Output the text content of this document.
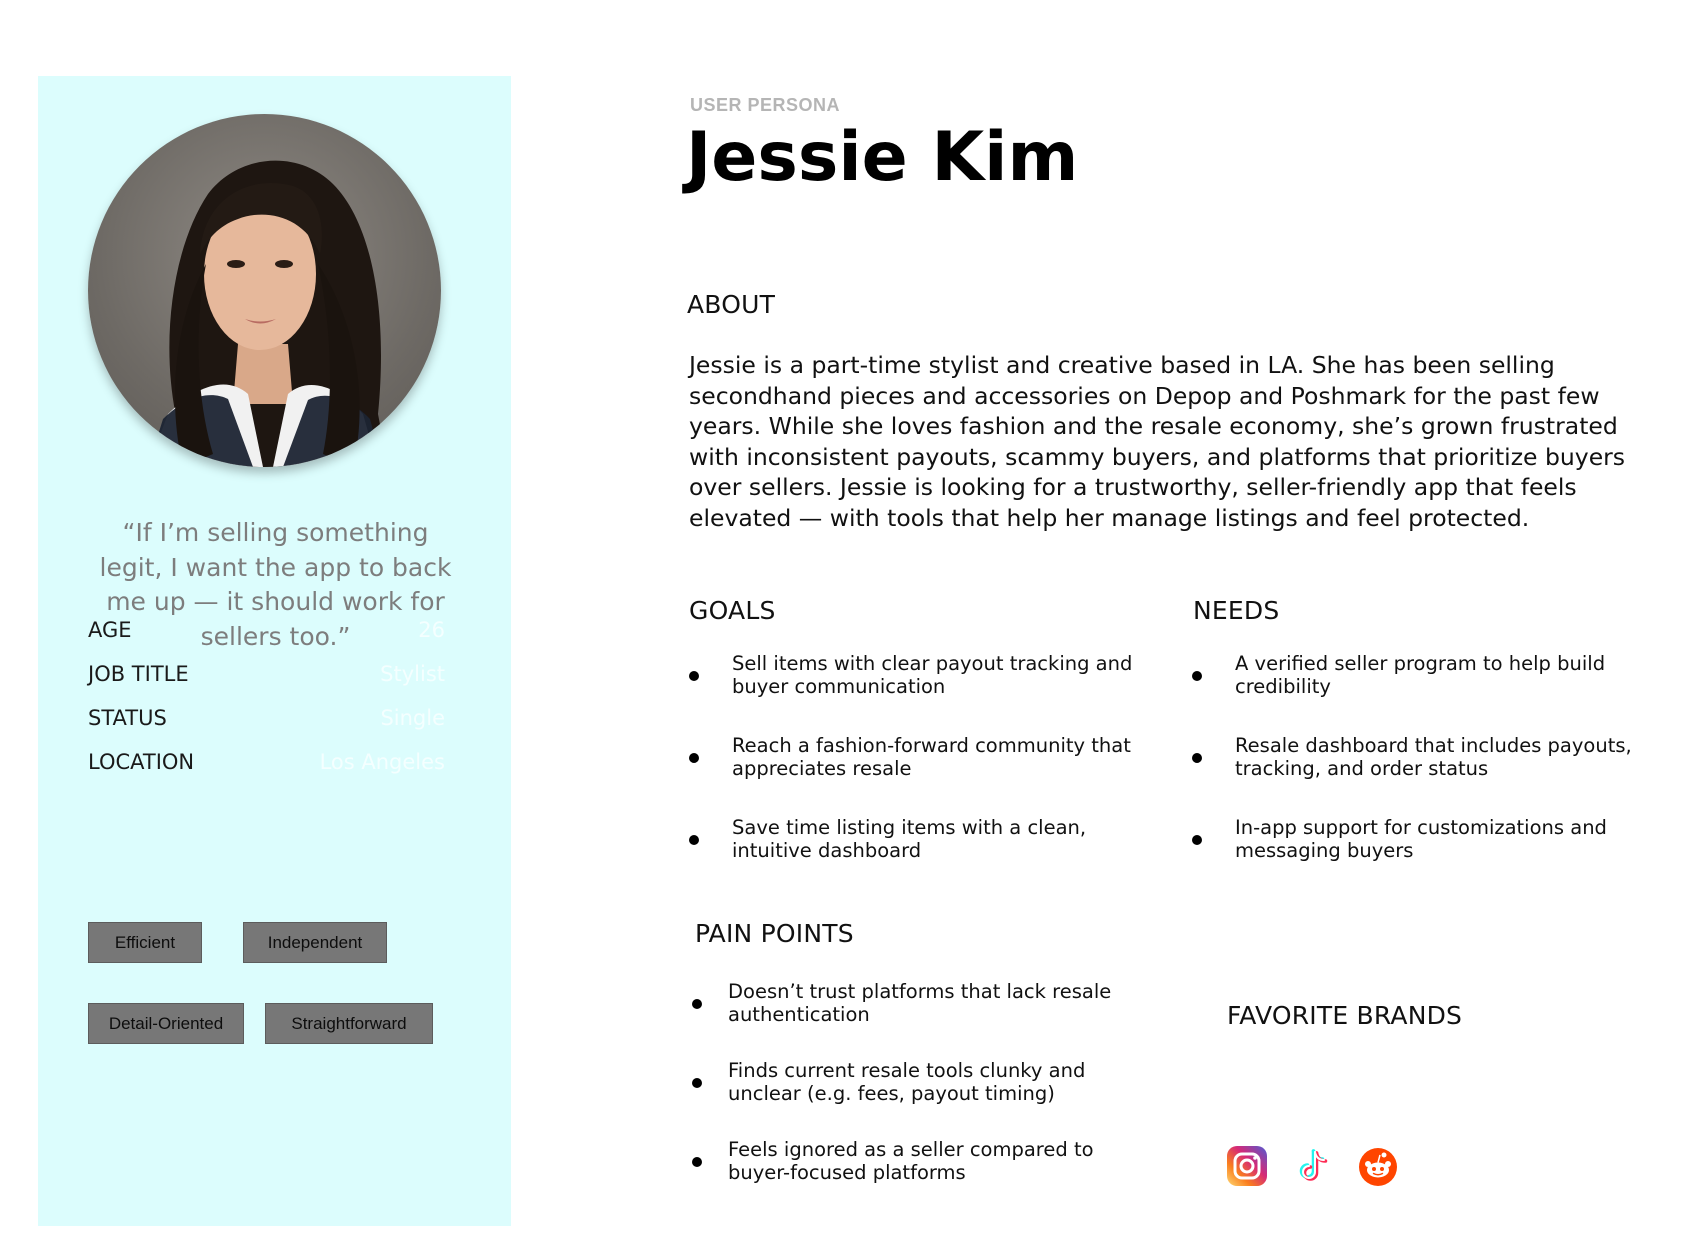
“If I’m selling something legit, I want the app to back me up — it should work for sellers too.”
AGE	26
JOB TITLE	Stylist
STATUS	Single
LOCATION	Los Angeles
Efficient	Independent
Detail-Oriented	Straightforward
USER PERSONA
Jessie Kim
ABOUT
Jessie is a part-time stylist and creative based in LA. She has been selling secondhand pieces and accessories on Depop and Poshmark for the past few years. While she loves fashion and the resale economy, she’s grown frustrated with inconsistent payouts, scammy buyers, and platforms that prioritize buyers over sellers. Jessie is looking for a trustworthy, seller-friendly app that feels elevated — with tools that help her manage listings and feel protected.
GOALS
Sell items with clear payout tracking and buyer communication
Reach a fashion-forward community that appreciates resale
Save time listing items with a clean, intuitive dashboard
NEEDS
A verified seller program to help build credibility
Resale dashboard that includes payouts, tracking, and order status
In-app support for customizations and messaging buyers
PAIN POINTS
Doesn’t trust platforms that lack resale authentication
Finds current resale tools clunky and unclear (e.g. fees, payout timing)
Feels ignored as a seller compared to buyer-focused platforms
FAVORITE BRANDS
